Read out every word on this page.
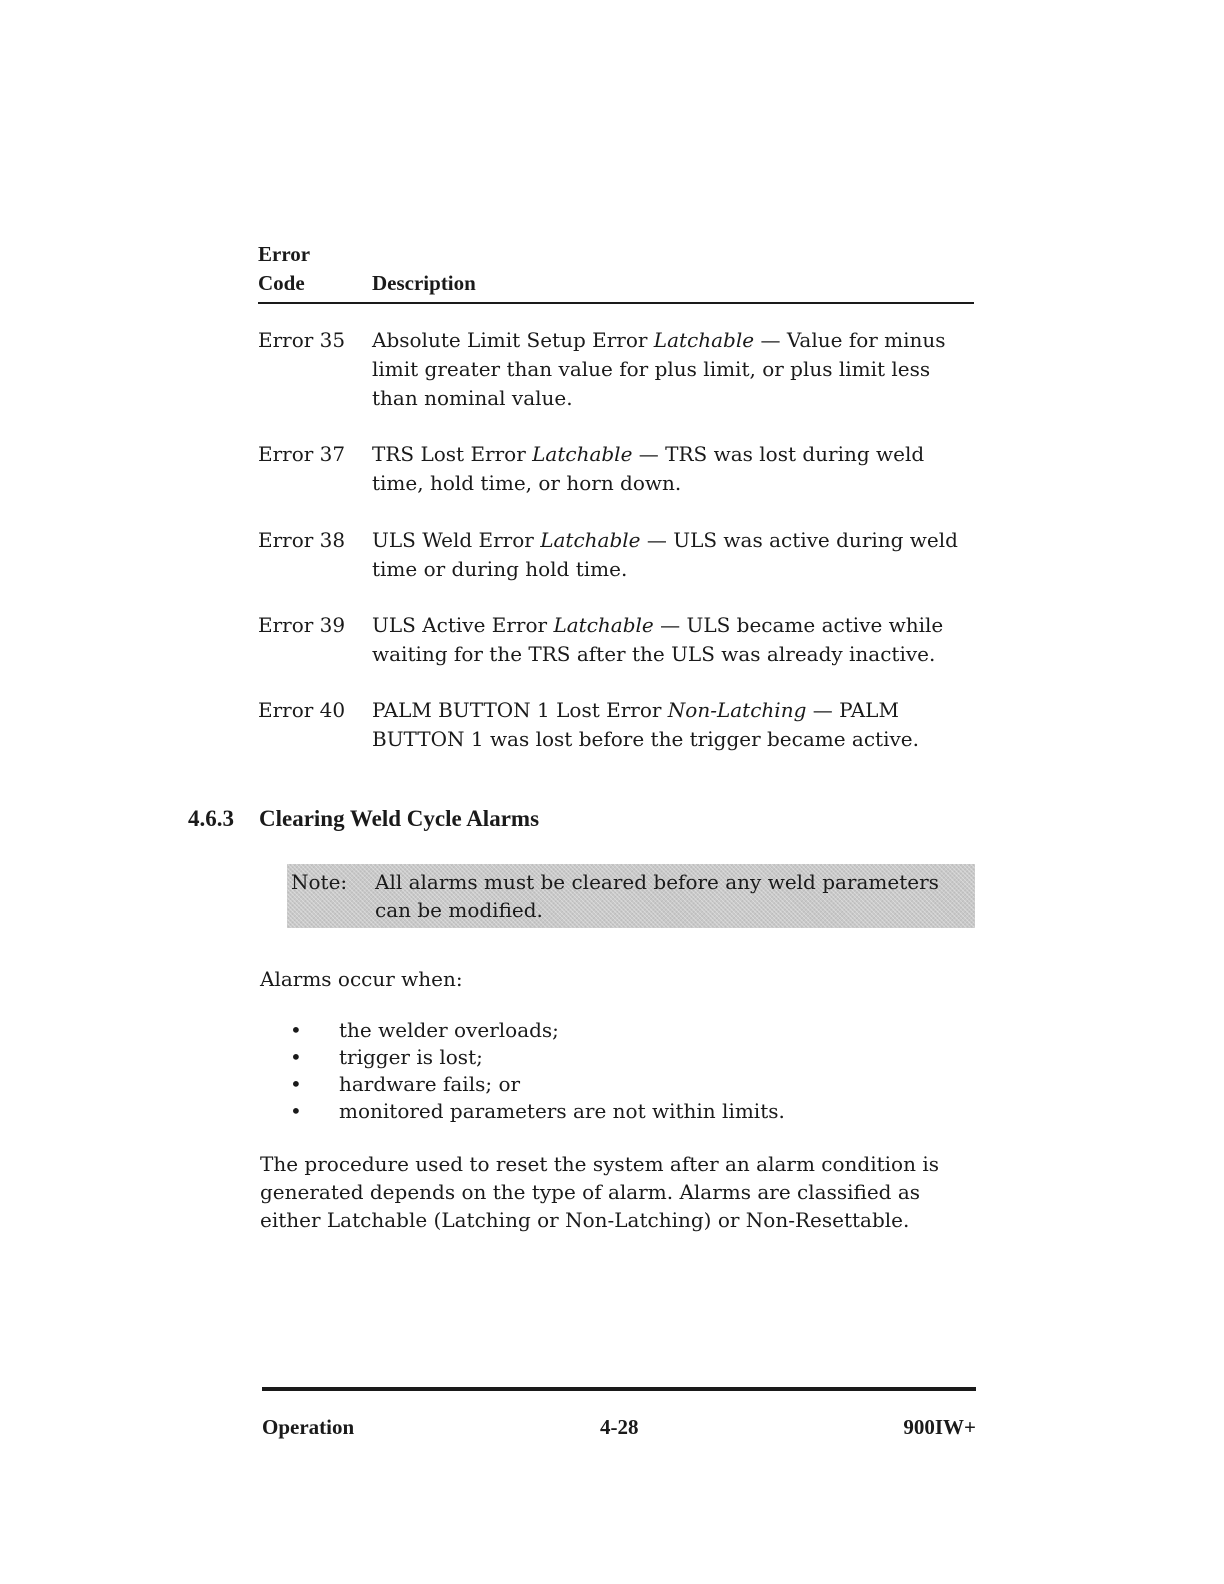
Error
Code	Description
Error 35 Absolute Limit Setup Error Latchable — Value for minus limit greater than value for plus limit, or plus limit less than nominal value.
Error 37 TRS Lost Error Latchable — TRS was lost during weld time, hold time, or horn down.
Error 38 ULS Weld Error Latchable — ULS was active during weld time or during hold time.
Error 39 ULS Active Error Latchable — ULS became active while waiting for the TRS after the ULS was already inactive.
Error 40 PALM BUTTON 1 Lost Error Non-Latching — PALM BUTTON 1 was lost before the trigger became active.
4.6.3 Clearing Weld Cycle Alarms
Note: All alarms must be cleared before any weld parameters can be modified.
Alarms occur when:
•	the welder overloads;
•	trigger is lost;
•	hardware fails; or
•	monitored parameters are not within limits.
The procedure used to reset the system after an alarm condition is generated depends on the type of alarm. Alarms are classified as either Latchable (Latching or Non-Latching) or Non-Resettable.
Operation	4-28	900IW+
